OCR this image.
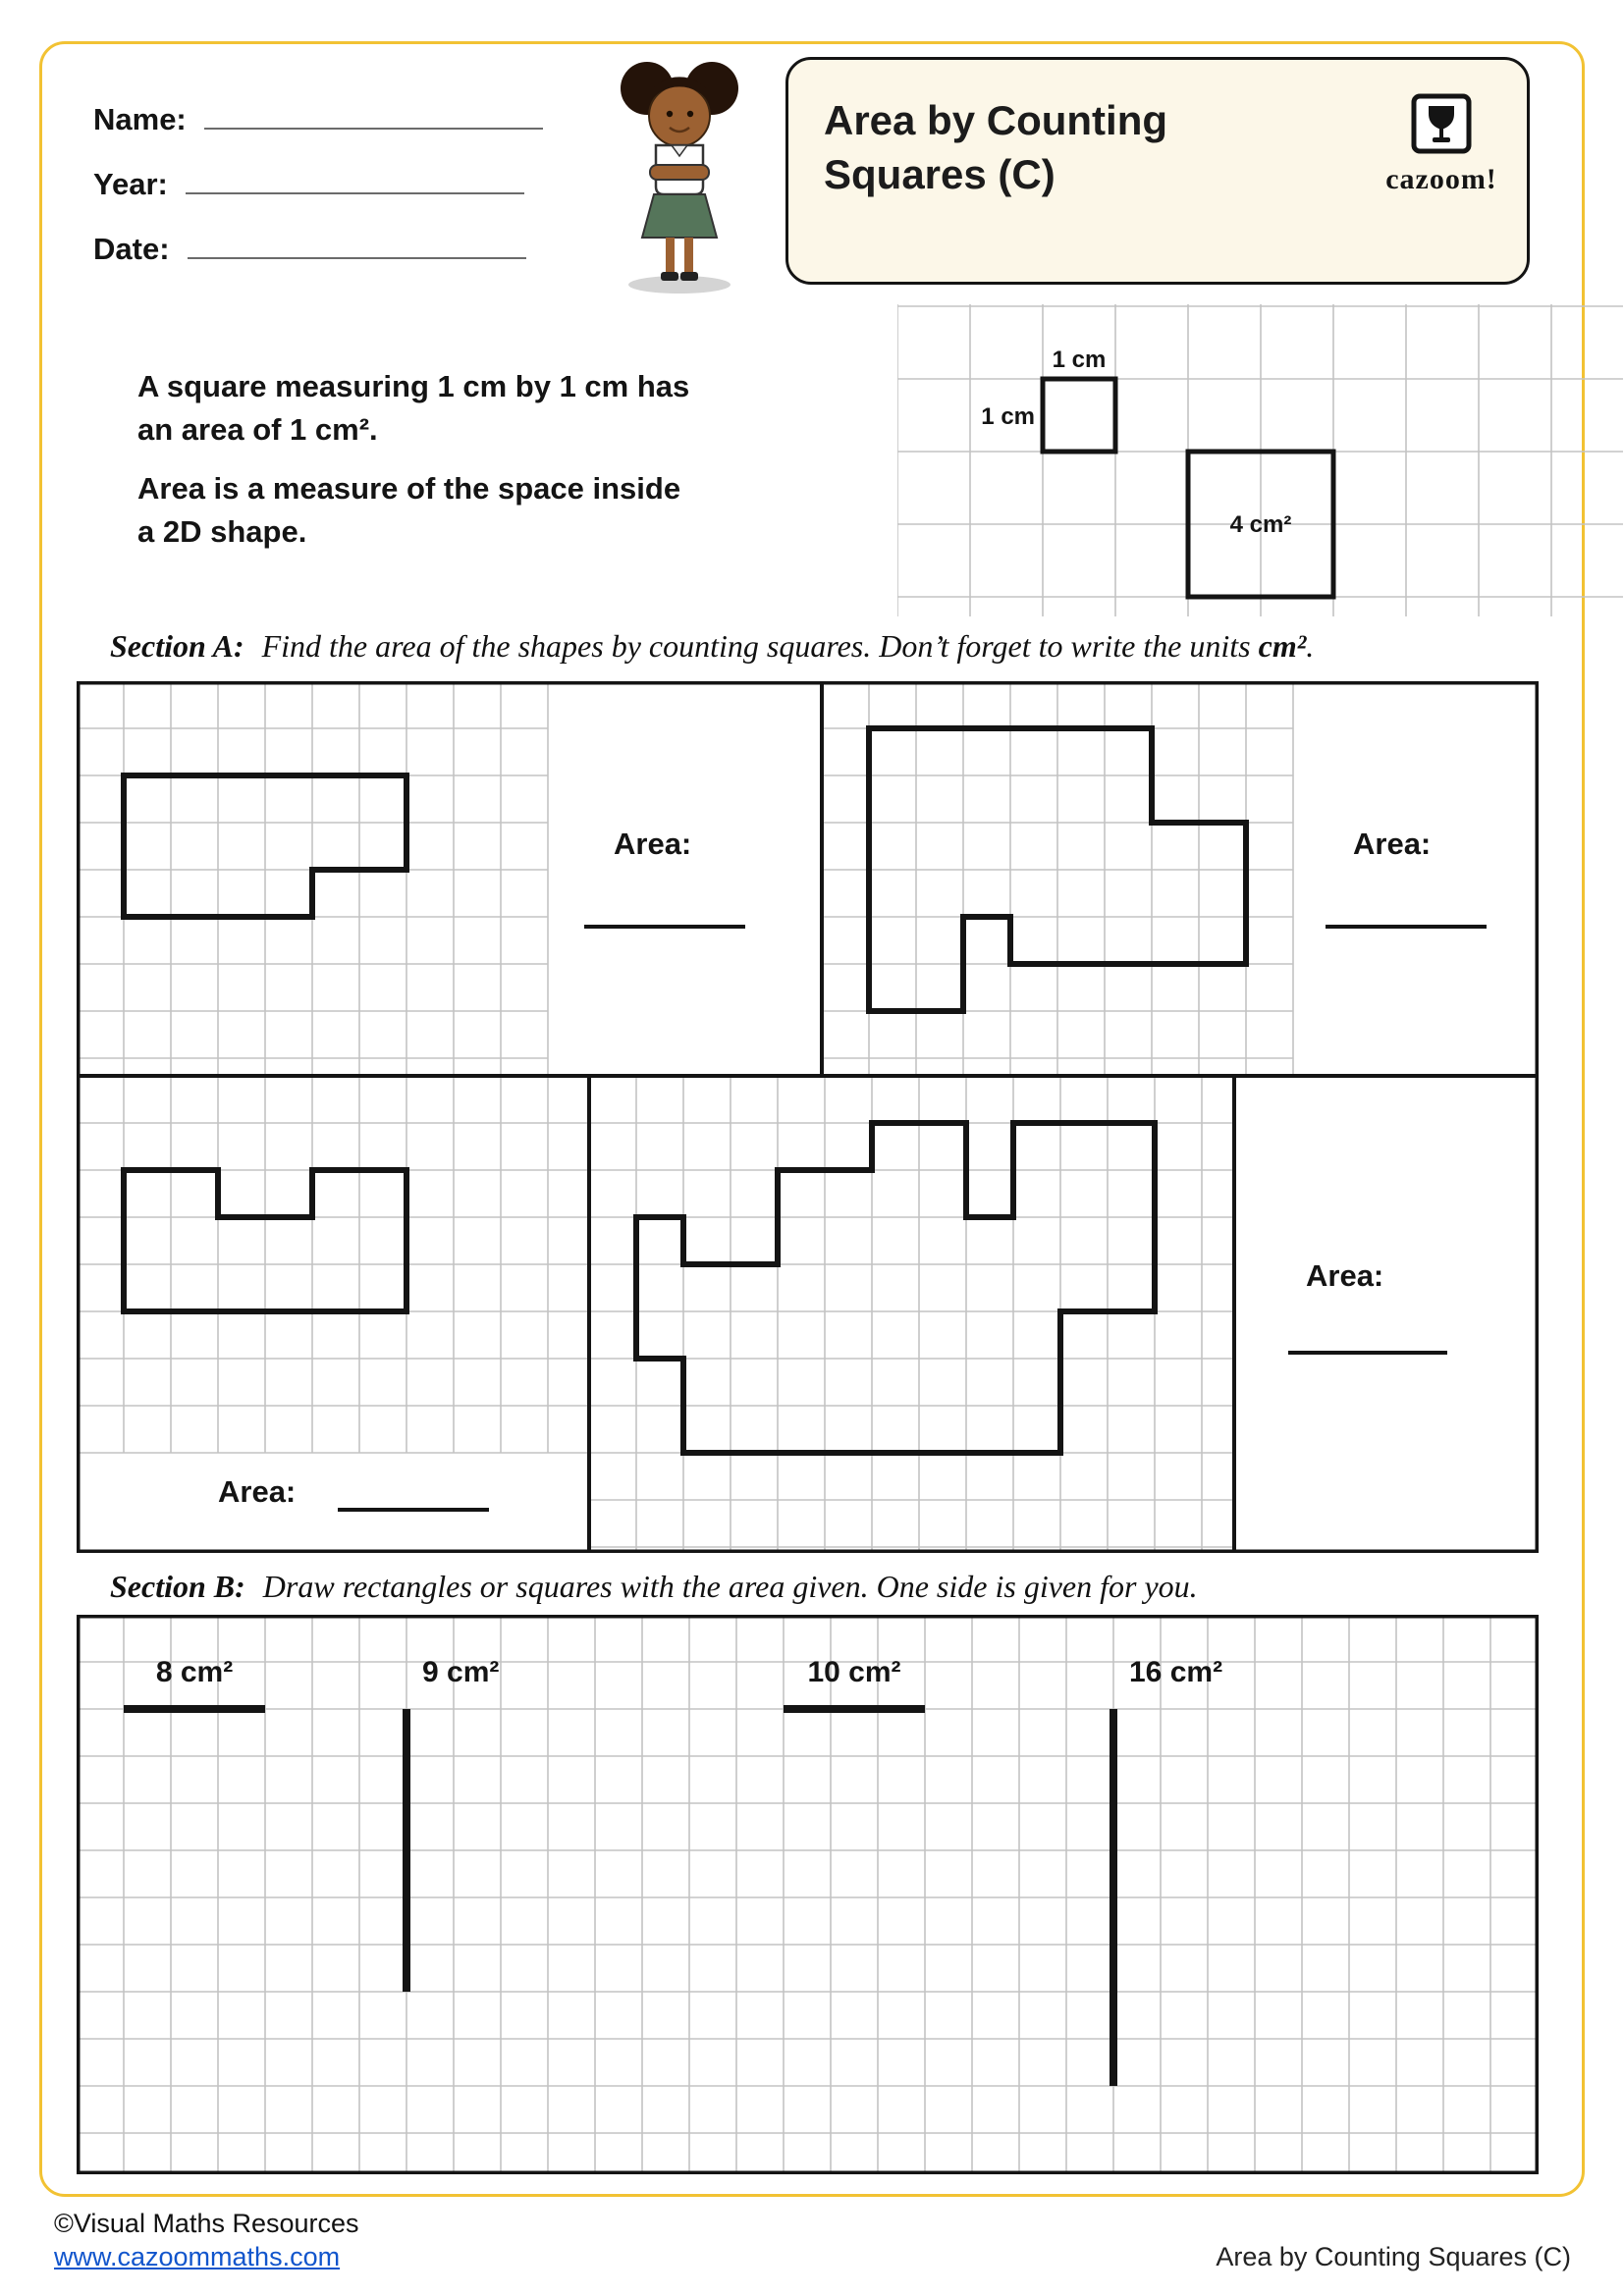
Name:
Year:
Date:
Area by Counting
Squares (C)	cazoom!
A square measuring 1 cm by 1 cm has
an area of 1 cm².
Area is a measure of the space inside
a 2D shape.
1 cm
1 cm
4 cm²
Section A: Find the area of the shapes by counting squares. Don’t forget to write the units cm².
Area:	Area:
Area:
Area:
Section B: Draw rectangles or squares with the area given. One side is given for you.
8 cm²	9 cm²	10 cm²	16 cm²
©Visual Maths Resources
www.cazoommaths.com	Area by Counting Squares (C)
